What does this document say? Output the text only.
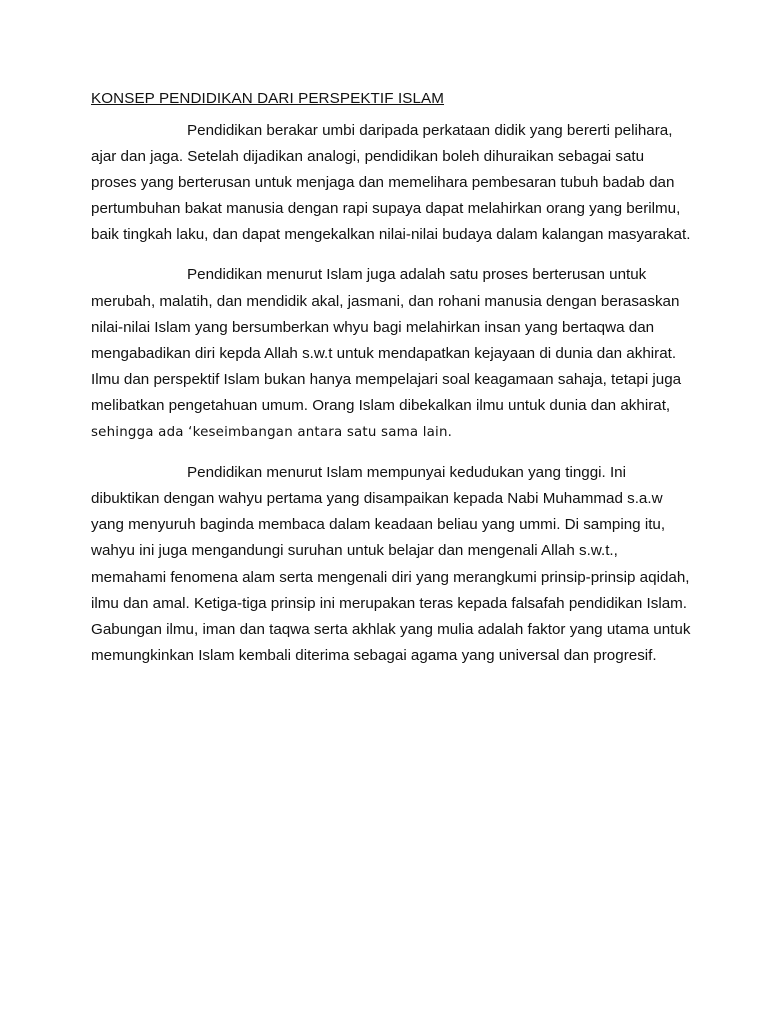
KONSEP PENDIDIKAN DARI PERSPEKTIF ISLAM

Pendidikan berakar umbi daripada perkataan didik yang bererti pelihara, ajar dan jaga. Setelah dijadikan analogi, pendidikan boleh dihuraikan sebagai satu proses yang berterusan untuk menjaga dan memelihara pembesaran tubuh badab dan pertumbuhan bakat manusia dengan rapi supaya dapat melahirkan orang yang berilmu, baik tingkah laku, dan dapat mengekalkan nilai-nilai budaya dalam kalangan masyarakat.

Pendidikan menurut Islam juga adalah satu proses berterusan untuk merubah, malatih, dan mendidik akal, jasmani, dan rohani manusia dengan berasaskan nilai-nilai Islam yang bersumberkan whyu bagi melahirkan insan yang bertaqwa dan mengabadikan diri kepda Allah s.w.t untuk mendapatkan kejayaan di dunia dan akhirat. Ilmu dan perspektif Islam bukan hanya mempelajari soal keagamaan sahaja, tetapi juga melibatkan pengetahuan umum. Orang Islam dibekalkan ilmu untuk dunia dan akhirat, sehingga ada ‘keseimbangan antara satu sama lain.

Pendidikan menurut Islam mempunyai kedudukan yang tinggi. Ini dibuktikan dengan wahyu pertama yang disampaikan kepada Nabi Muhammad s.a.w yang menyuruh baginda membaca dalam keadaan beliau yang ummi. Di samping itu, wahyu ini juga mengandungi suruhan untuk belajar dan mengenali Allah s.w.t., memahami fenomena alam serta mengenali diri yang merangkumi prinsip-prinsip aqidah, ilmu dan amal. Ketiga-tiga prinsip ini merupakan teras kepada falsafah pendidikan Islam. Gabungan ilmu, iman dan taqwa serta akhlak yang mulia adalah faktor yang utama untuk memungkinkan Islam kembali diterima sebagai agama yang universal dan progresif.
